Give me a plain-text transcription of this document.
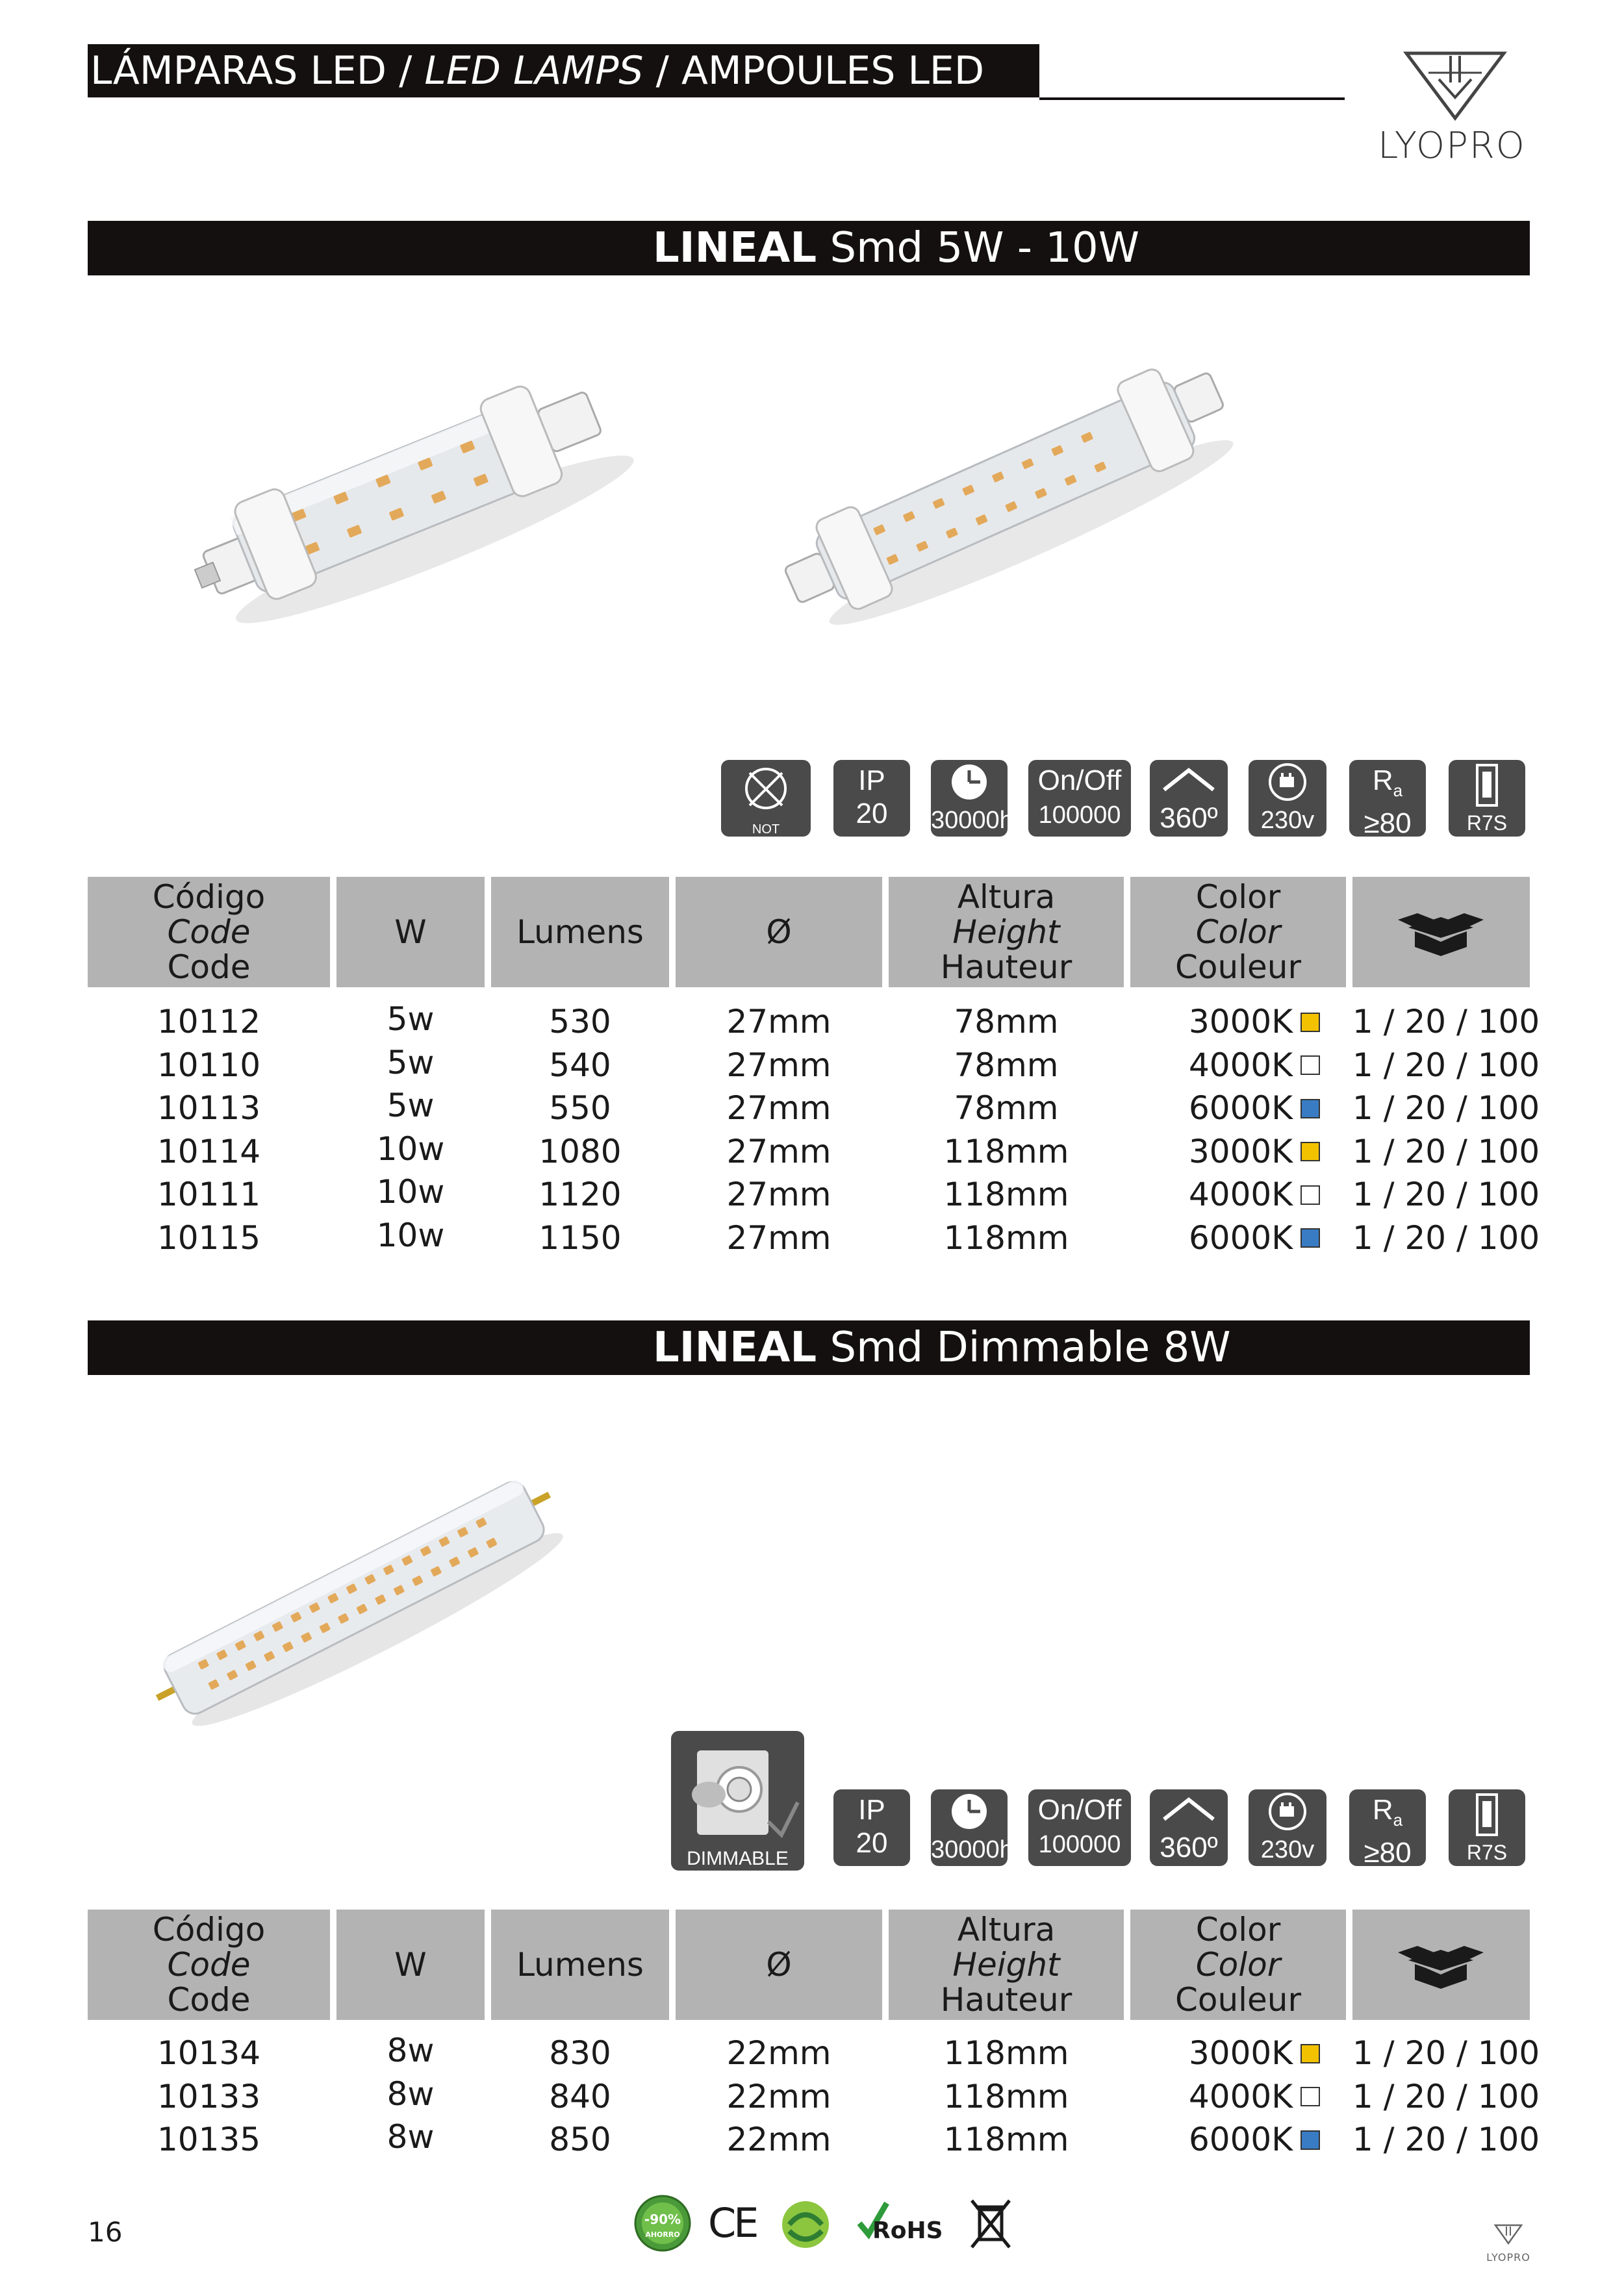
LÁMPARAS LED / LED LAMPS / AMPOULES LED
LYOPRO
LINEAL Smd 5W - 10W
NOT DIMMABLE
IP
20	30000h
On/Off
100000	360º	230v
$R_a$
≥80	R7S
Código
Code
Code
W	Lumens	Ø
Altura
Height
Hauteur
Color
Color
Couleur
10112	5w	530	27mm	78mm	3000K	1 / 20 / 100
10110	5w	540	27mm	78mm	4000K	1 / 20 / 100
10113	5w	550	27mm	78mm	6000K	1 / 20 / 100
10114	10w	1080	27mm	118mm	3000K	1 / 20 / 100
10111	10w	1120	27mm	118mm	4000K	1 / 20 / 100
10115	10w	1150	27mm	118mm	6000K	1 / 20 / 100
LINEAL Smd Dimmable 8W
DIMMABLE
IP
20	30000h
On/Off
100000	360º	230v
$R_a$
≥80	R7S
Código
Code
Code
W	Lumens	Ø
Altura
Height
Hauteur
Color
Color
Couleur
10134	8w	830	22mm	118mm	3000K	1 / 20 / 100
10133	8w	840	22mm	118mm	4000K	1 / 20 / 100
10135	8w	850	22mm	118mm	6000K	1 / 20 / 100
16	-90%
AHORRO CE	RoHS
LYOPRO
